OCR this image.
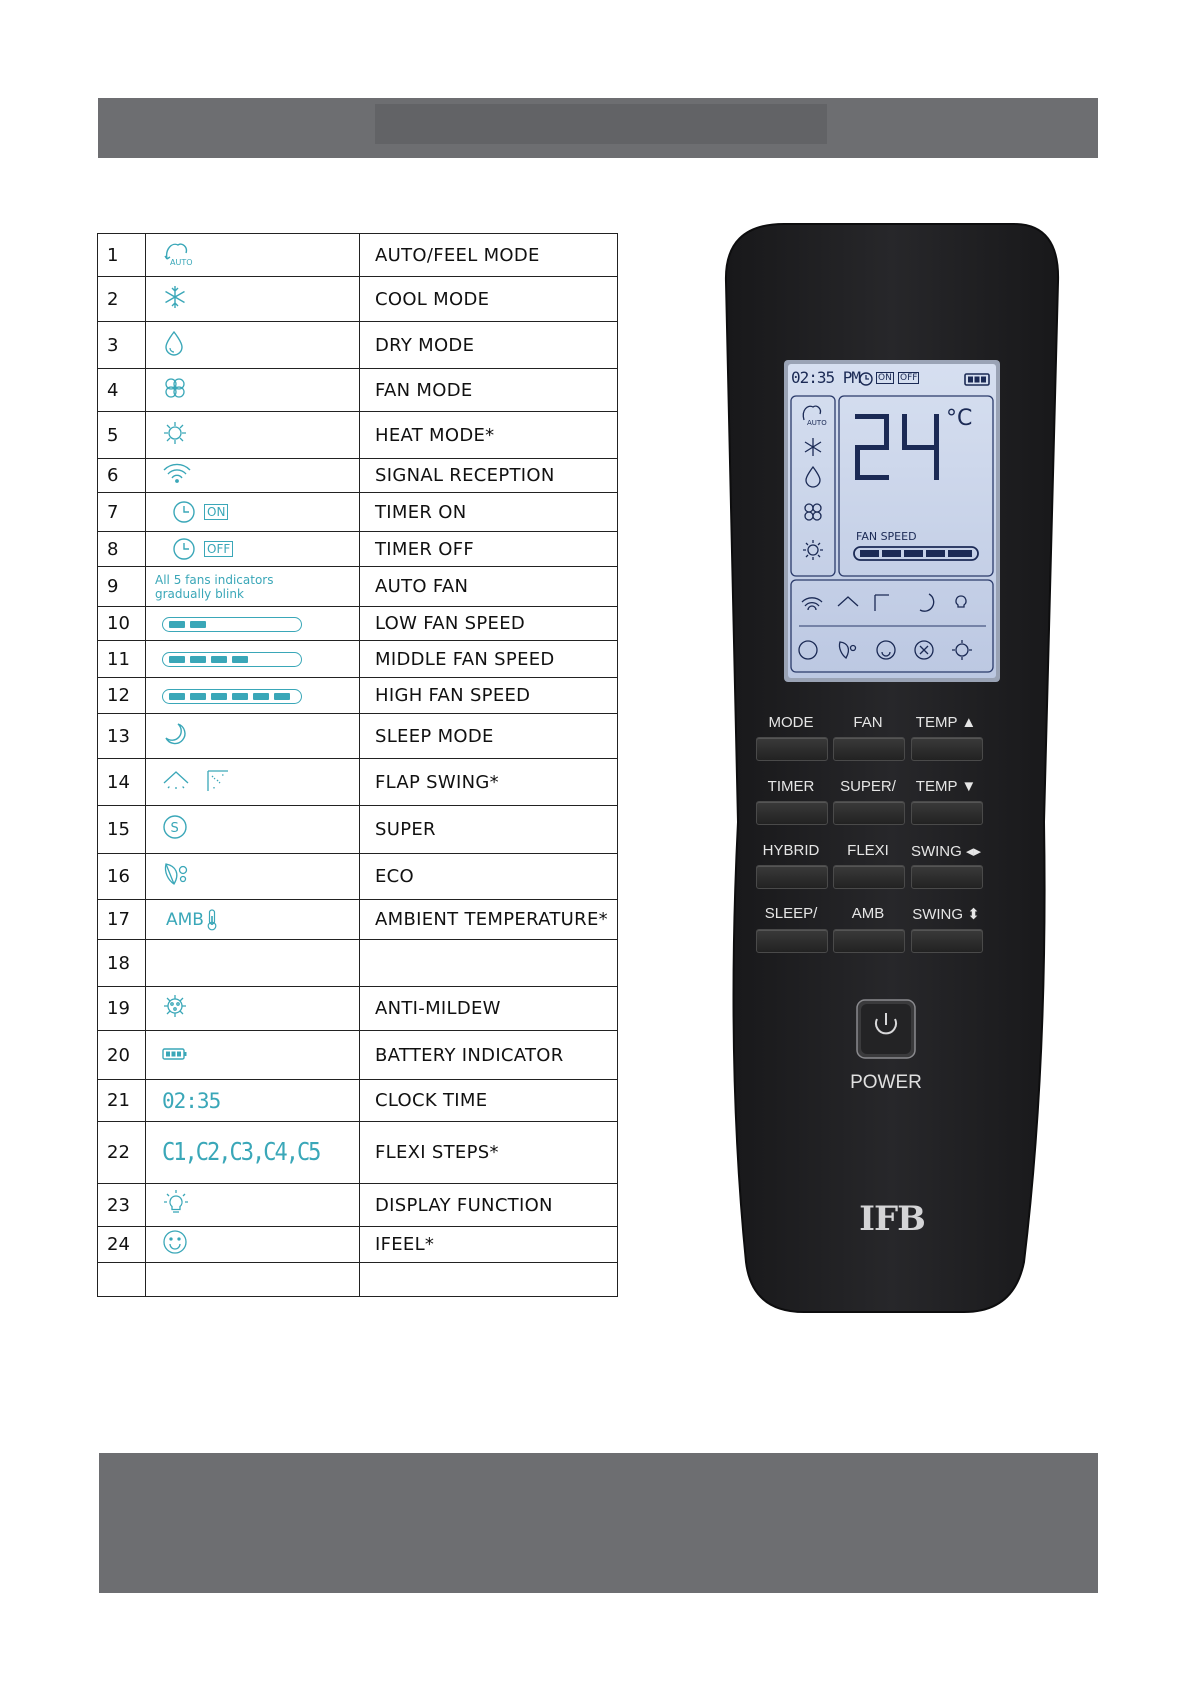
1	AUTO	AUTO/FEEL MODE
2		COOL MODE
3		DRY MODE
4		FAN MODE
5		HEAT MODE*
6		SIGNAL RECEPTION
7	ON	TIMER ON
8	OFF	TIMER OFF
9	All 5 fans indicators
gradually blink	AUTO FAN
10		LOW FAN SPEED
11		MIDDLE FAN SPEED
12		HIGH FAN SPEED
13		SLEEP MODE
14		FLAP SWING*
15	S	SUPER
16		ECO
17	AMB	AMBIENT TEMPERATURE*
18		
19		ANTI-MILDEW
20		BATTERY INDICATOR
21	02:35	CLOCK TIME
22	C1,C2,C3,C4,C5	FLEXI STEPS*
23		DISPLAY FUNCTION
24		IFEEL*

02:35 PM ON OFF
AUTO	°C
FAN SPEED
MODE	FAN	TEMP ▲
TIMER	SUPER/	TEMP ▼
HYBRID	FLEXI	SWING ◂▸
SLEEP/	AMB	SWING ⬍
POWER
IFB
